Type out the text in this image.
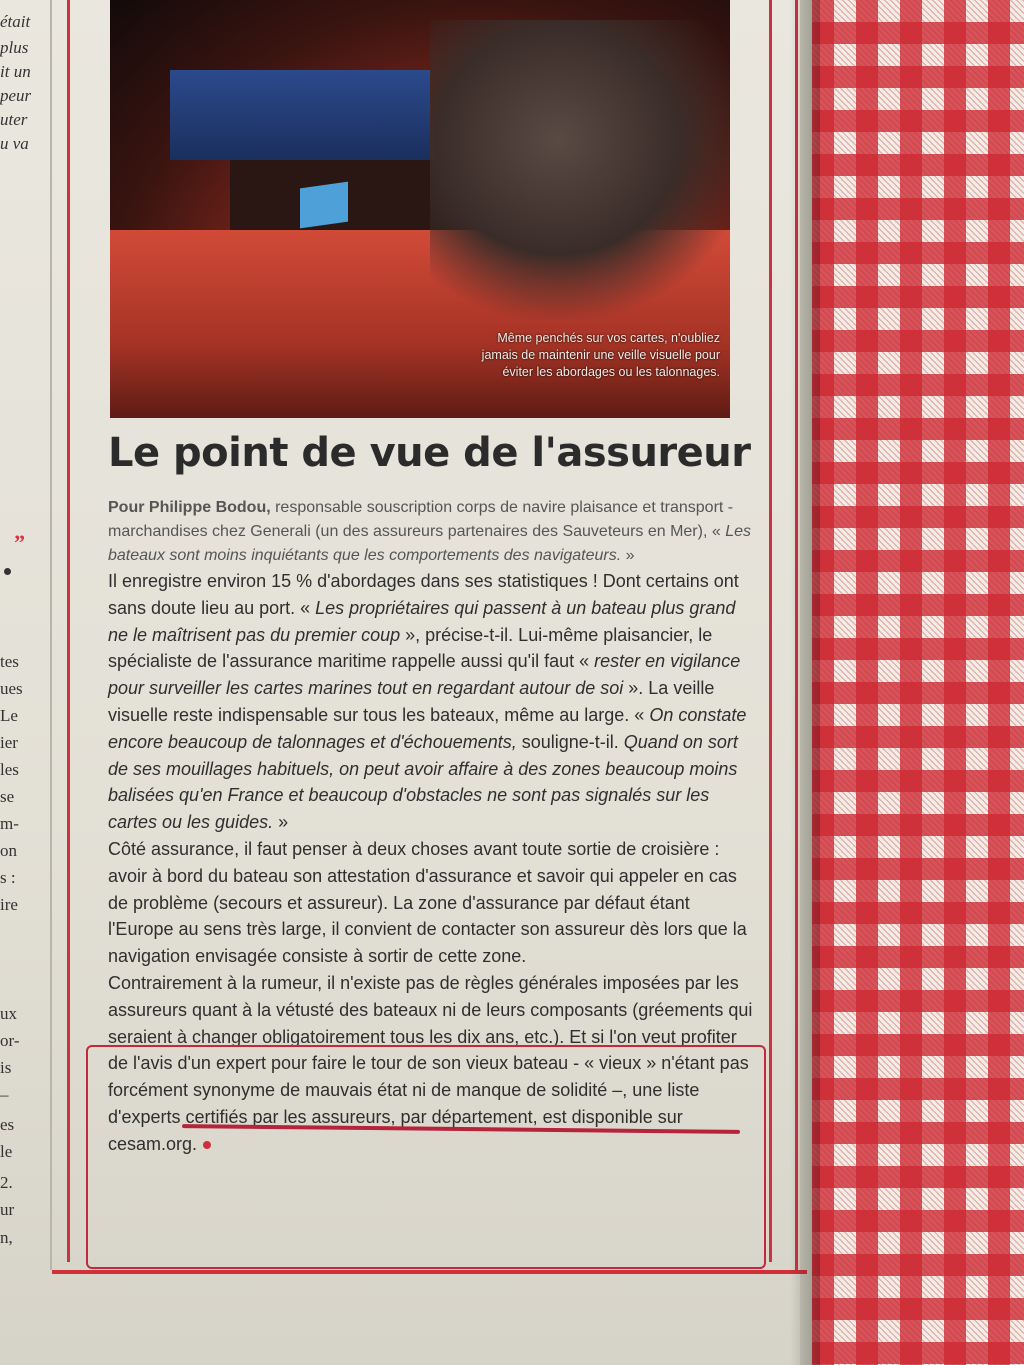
était
plus
it un
peur
uter
u va
”
tes
ues
Le
ier
les
se
m-
on
s :
ire
ux
or-
is
–
es
le
2.
ur
n,
Même penchés sur vos cartes, n'oubliez jamais de maintenir une veille visuelle pour éviter les abordages ou les talonnages.
Le point de vue de l'assureur

Pour Philippe Bodou, responsable souscription corps de navire plaisance et transport - marchandises chez Generali (un des assureurs partenaires des Sauveteurs en Mer), « Les bateaux sont moins inquiétants que les comportements des navigateurs. »

Il enregistre environ 15 % d'abordages dans ses statistiques ! Dont certains ont sans doute lieu au port. « Les propriétaires qui passent à un bateau plus grand ne le maîtrisent pas du premier coup », précise-t-il. Lui-même plaisancier, le spécialiste de l'assurance maritime rappelle aussi qu'il faut « rester en vigilance pour surveiller les cartes marines tout en regardant autour de soi ». La veille visuelle reste indispensable sur tous les bateaux, même au large. « On constate encore beaucoup de talonnages et d'échouements, souligne-t-il. Quand on sort de ses mouillages habituels, on peut avoir affaire à des zones beaucoup moins balisées qu'en France et beaucoup d'obstacles ne sont pas signalés sur les cartes ou les guides. »

Côté assurance, il faut penser à deux choses avant toute sortie de croisière : avoir à bord du bateau son attestation d'assurance et savoir qui appeler en cas de problème (secours et assureur). La zone d'assurance par défaut étant l'Europe au sens très large, il convient de contacter son assureur dès lors que la navigation envisagée consiste à sortir de cette zone.

Contrairement à la rumeur, il n'existe pas de règles générales imposées par les assureurs quant à la vétusté des bateaux ni de leurs composants (gréements qui seraient à changer obligatoirement tous les dix ans, etc.). Et si l'on veut profiter de l'avis d'un expert pour faire le tour de son vieux bateau - « vieux » n'étant pas forcément synonyme de mauvais état ni de manque de solidité –, une liste d'experts certifiés par les assureurs, par département, est disponible sur cesam.org.
